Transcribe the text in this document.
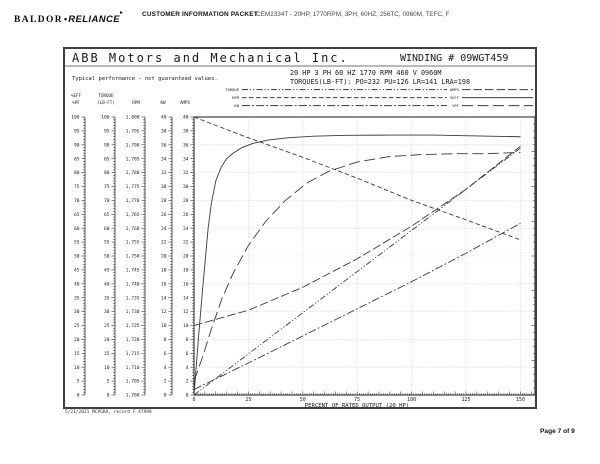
BALDOR•RELIANCE▸	CUSTOMER INFORMATION PACKET
CEM2334T - 20HP, 1770RPM, 3PH, 60HZ, 256TC, 0960M, TEFC, F
ABB Motors and Mechanical Inc.	WINDING # 09WGT459
Typical performance - not guaranteed values.
20 HP 3 PH 60 HZ 1770 RPM 460 V 0960M
TORQUES(LB-FT): PO=232 PU=126 LR=141 LRA=198
0
5
10
15
20
25
30
35
40
45
50
55
60
65
70
75
80
85
90
95
100
%EFF
%PF
0
5
10
15
20
25
30
35
40
45
50
55
60
65
70
75
80
85
90
95
100
TORQUE
(LB-FT)
1,700
1,705
1,710
1,715
1,720
1,725
1,730
1,735
1,740
1,745
1,750
1,755
1,760
1,765
1,770
1,775
1,780
1,785
1,790
1,795
1,800
RPM
0
2
4
6
8
10
12
14
16
18
20
22
24
26
28
30
32
34
36
38
40
KW
0
2
4
6
8
10
12
14
16
18
20
22
24
26
28
30
32
34
36
38
40
AMPS
0	25	50	75	100	125	150
TORQUE
RPM
KW
AMPS
%EFF
%PF
PERCENT OF RATED OUTPUT (20 HP)
5/21/2021 MCPGRA, record F 47998
Page 7 of 9
